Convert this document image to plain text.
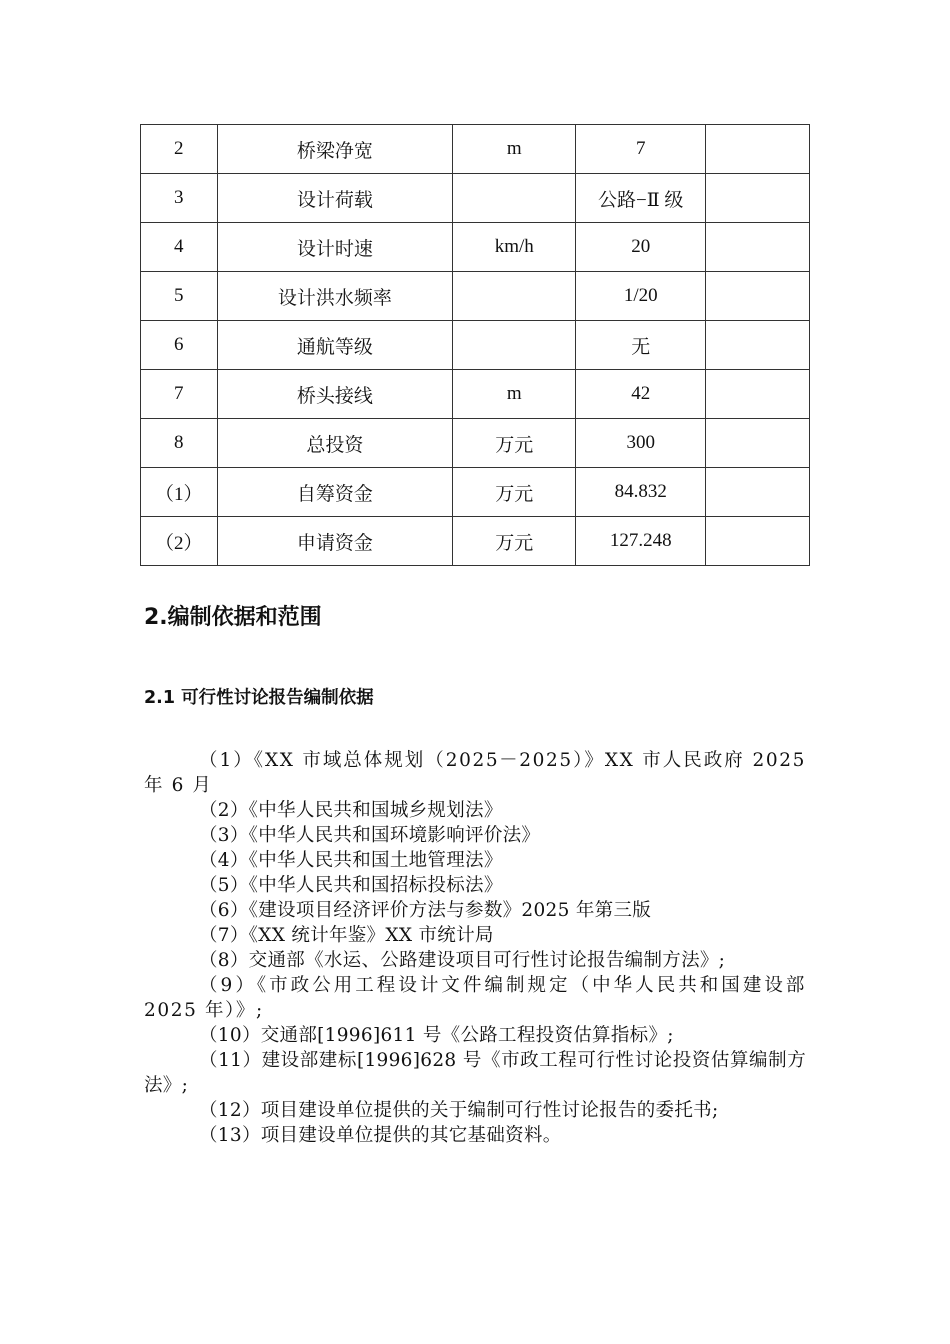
2	桥梁净宽	m	7	
3	设计荷载		公路−Ⅱ 级	
4	设计时速	km/h	20	
5	设计洪水频率		1/20	
6	通航等级		无	
7	桥头接线	m	42	
8	总投资	万元	300	
（1）	自筹资金	万元	84.832	
（2）	申请资金	万元	127.248	
2.编制依据和范围
2.1 可行性讨论报告编制依据
（1）《XX 市域总体规划（2025－2025）》XX 市人民政府 2025 年 6 月
（2）《中华人民共和国城乡规划法》
（3）《中华人民共和国环境影响评价法》
（4）《中华人民共和国土地管理法》
（5）《中华人民共和国招标投标法》
（6）《建设项目经济评价方法与参数》2025 年第三版
（7）《XX 统计年鉴》XX 市统计局
（8）交通部《水运、公路建设项目可行性讨论报告编制方法》;
（9）《市政公用工程设计文件编制规定（中华人民共和国建设部 2025 年）》;
（10）交通部[1996]611 号《公路工程投资估算指标》;
（11）建设部建标[1996]628 号《市政工程可行性讨论投资估算编制方法》;
（12）项目建设单位提供的关于编制可行性讨论报告的委托书;
（13）项目建设单位提供的其它基础资料。
